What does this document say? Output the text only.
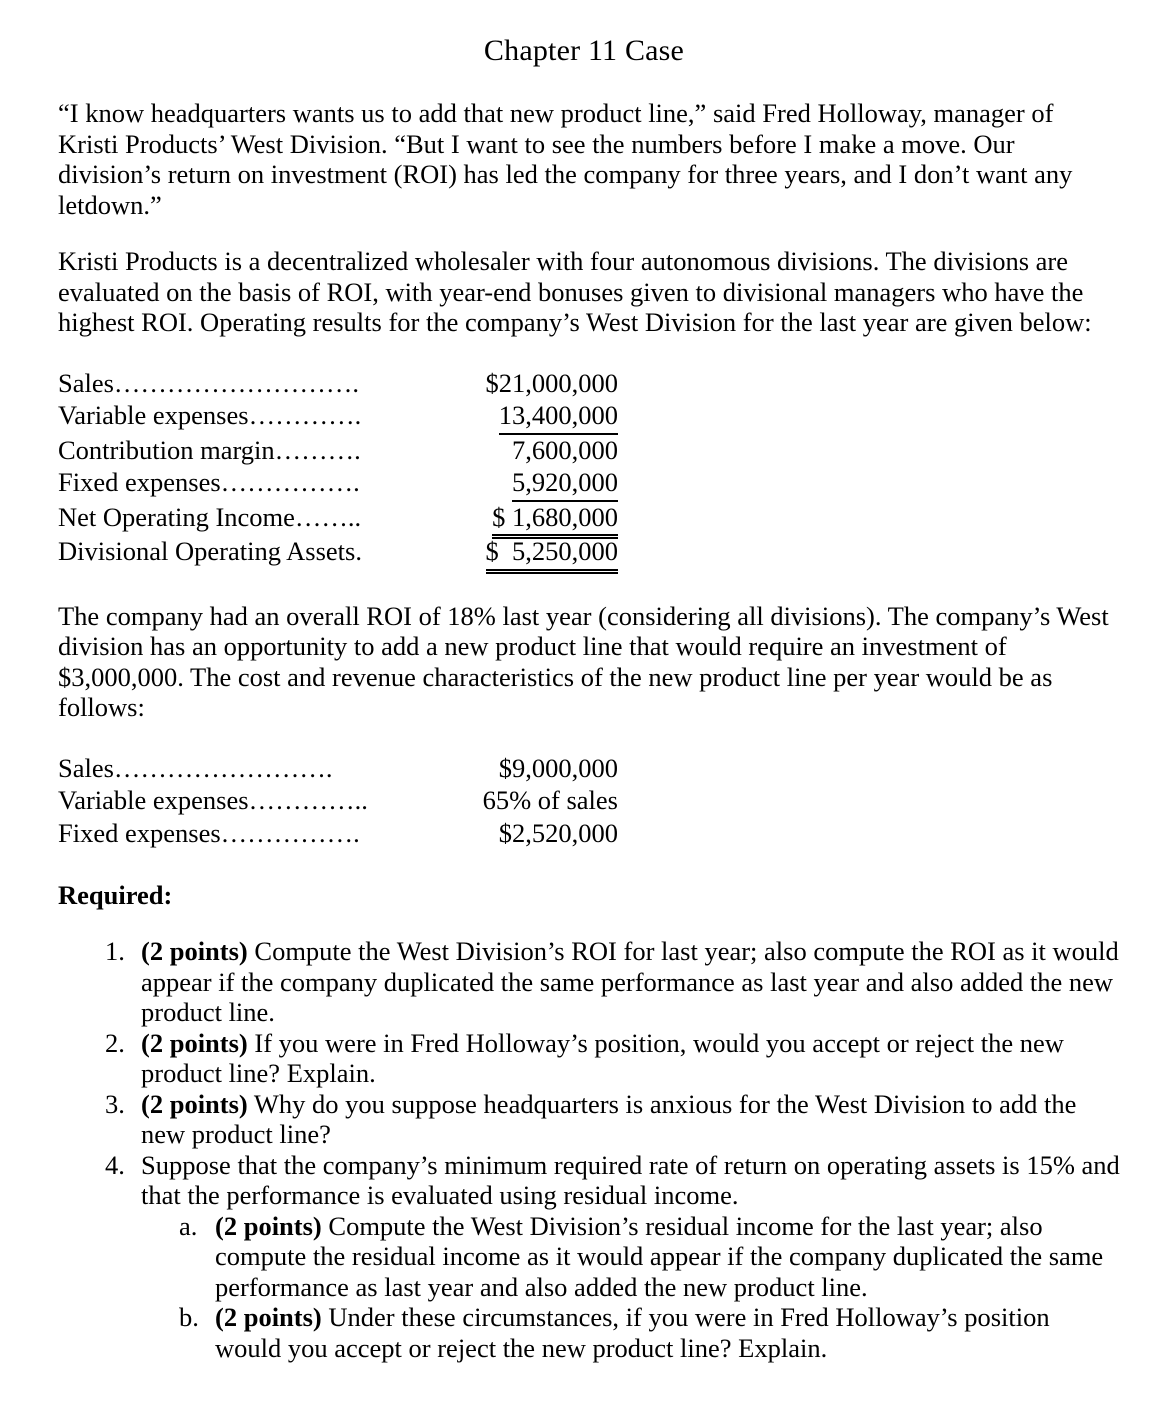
Chapter 11 Case

“I know headquarters wants us to add that new product line,” said Fred Holloway, manager of Kristi Products’ West Division. “But I want to see the numbers before I make a move. Our division’s return on investment (ROI) has led the company for three years, and I don’t want any letdown.”

Kristi Products is a decentralized wholesaler with four autonomous divisions. The divisions are evaluated on the basis of ROI, with year-end bonuses given to divisional managers who have the highest ROI. Operating results for the company’s West Division for the last year are given below:

Sales……………………….	$21,000,000
Variable expenses………….	13,400,000
Contribution margin……….	7,600,000
Fixed expenses…………….	5,920,000
Net Operating Income……..	$ 1,680,000
Divisional Operating Assets.	$  5,250,000

The company had an overall ROI of 18% last year (considering all divisions). The company’s West division has an opportunity to add a new product line that would require an investment of $3,000,000. The cost and revenue characteristics of the new product line per year would be as follows:

Sales…………………….	$9,000,000
Variable expenses…………..	65% of sales
Fixed expenses…………….	$2,520,000
Required:
1. (2 points) Compute the West Division’s ROI for last year; also compute the ROI as it would appear if the company duplicated the same performance as last year and also added the new product line.
2. (2 points) If you were in Fred Holloway’s position, would you accept or reject the new product line? Explain.
3. (2 points) Why do you suppose headquarters is anxious for the West Division to add the new product line?
4. Suppose that the company’s minimum required rate of return on operating assets is 15% and that the performance is evaluated using residual income.
a. (2 points) Compute the West Division’s residual income for the last year; also compute the residual income as it would appear if the company duplicated the same performance as last year and also added the new product line.
b. (2 points) Under these circumstances, if you were in Fred Holloway’s position would you accept or reject the new product line? Explain.
